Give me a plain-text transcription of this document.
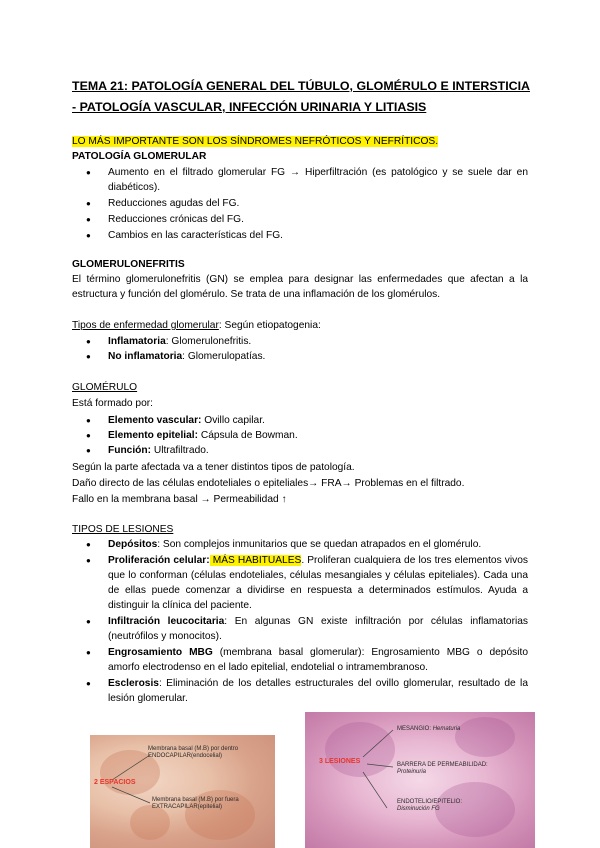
TEMA 21: PATOLOGÍA GENERAL DEL TÚBULO, GLOMÉRULO E INTERSTICIA - PATOLOGÍA VASCULAR, INFECCIÓN URINARIA Y LITIASIS
LO MÁS IMPORTANTE SON LOS SÍNDROMES NEFRÓTICOS Y NEFRÍTICOS.
PATOLOGÍA GLOMERULAR
● Aumento en el filtrado glomerular FG → Hiperfiltración (es patológico y se suele dar en diabéticos).
● Reducciones agudas del FG.
● Reducciones crónicas del FG.
● Cambios en las características del FG.
GLOMERULONEFRITIS
El término glomerulonefritis (GN) se emplea para designar las enfermedades que afectan a la estructura y función del glomérulo. Se trata de una inflamación de los glomérulos.
Tipos de enfermedad glomerular: Según etiopatogenia:
● Inflamatoria: Glomerulonefritis.
● No inflamatoria: Glomerulopatías.
GLOMÉRULO
Está formado por:
● Elemento vascular: Ovillo capilar.
● Elemento epitelial: Cápsula de Bowman.
● Función: Ultrafiltrado.
Según la parte afectada va a tener distintos tipos de patología.
Daño directo de las células endoteliales o epiteliales→ FRA→ Problemas en el filtrado.
Fallo en la membrana basal → Permeabilidad ↑
TIPOS DE LESIONES
● Depósitos: Son complejos inmunitarios que se quedan atrapados en el glomérulo.
● Proliferación celular: MÁS HABITUALES. Proliferan cualquiera de los tres elementos vivos que lo conforman (células endoteliales, células mesangiales y células epiteliales). Cada una de ellas puede comenzar a dividirse en respuesta a determinados estímulos. Ayuda a distinguir la clínica del paciente.
● Infiltración leucocitaria: En algunas GN existe infiltración por células inflamatorias (neutrófilos y monocitos).
● Engrosamiento MBG (membrana basal glomerular): Engrosamiento MBG o depósito amorfo electrodenso en el lado epitelial, endotelial o intramembranoso.
● Esclerosis: Eliminación de los detalles estructurales del ovillo glomerular, resultado de la lesión glomerular.
Membrana basal (M.B) por dentro ENDOCAPILAR(endocelial)
2 ESPACIOS
Membrana basal (M.B) por fuera EXTRACAPILAR(epitelial)
3 LESIONES
MESANGIO: Hematuria
BARRERA DE PERMEABILIDAD:
Proteinuria
ENDOTELIO/EPITELIO:
Disminución FG
